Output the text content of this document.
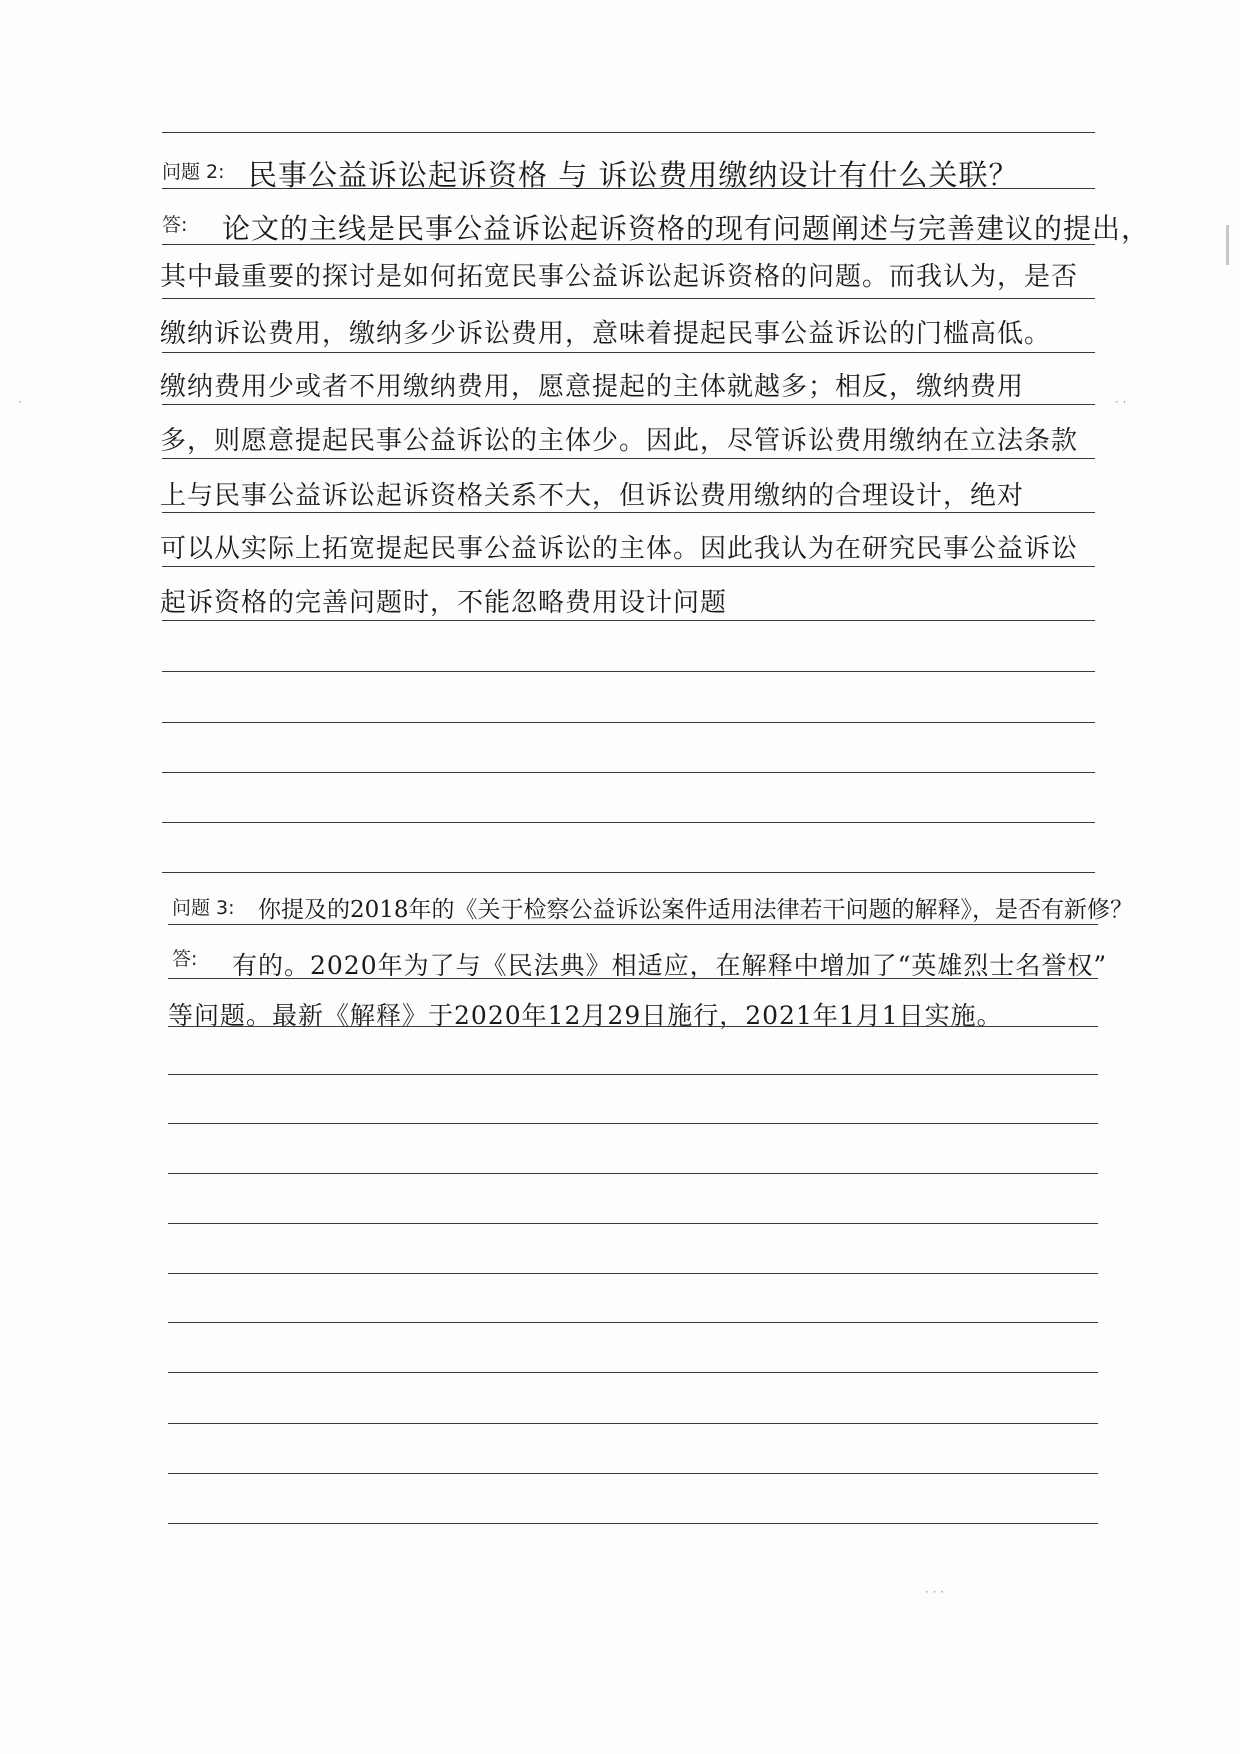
·	· ·
· · ·
问题 2: 民事公益诉讼起诉资格 与 诉讼费用缴纳设计有什么关联？
答: 论文的主线是民事公益诉讼起诉资格的现有问题阐述与完善建议的提出，
其中最重要的探讨是如何拓宽民事公益诉讼起诉资格的问题。而我认为，是否
缴纳诉讼费用，缴纳多少诉讼费用，意味着提起民事公益诉讼的门槛高低。
缴纳费用少或者不用缴纳费用，愿意提起的主体就越多；相反，缴纳费用
多，则愿意提起民事公益诉讼的主体少。因此，尽管诉讼费用缴纳在立法条款
上与民事公益诉讼起诉资格关系不大，但诉讼费用缴纳的合理设计，绝对
可以从实际上拓宽提起民事公益诉讼的主体。因此我认为在研究民事公益诉讼
起诉资格的完善问题时，不能忽略费用设计问题
问题 3: 你提及的2018年的《关于检察公益诉讼案件适用法律若干问题的解释》，是否有新修？
答: 有的。2020年为了与《民法典》相适应，在解释中增加了“英雄烈士名誉权”
等问题。最新《解释》于2020年12月29日施行，2021年1月1日实施。
